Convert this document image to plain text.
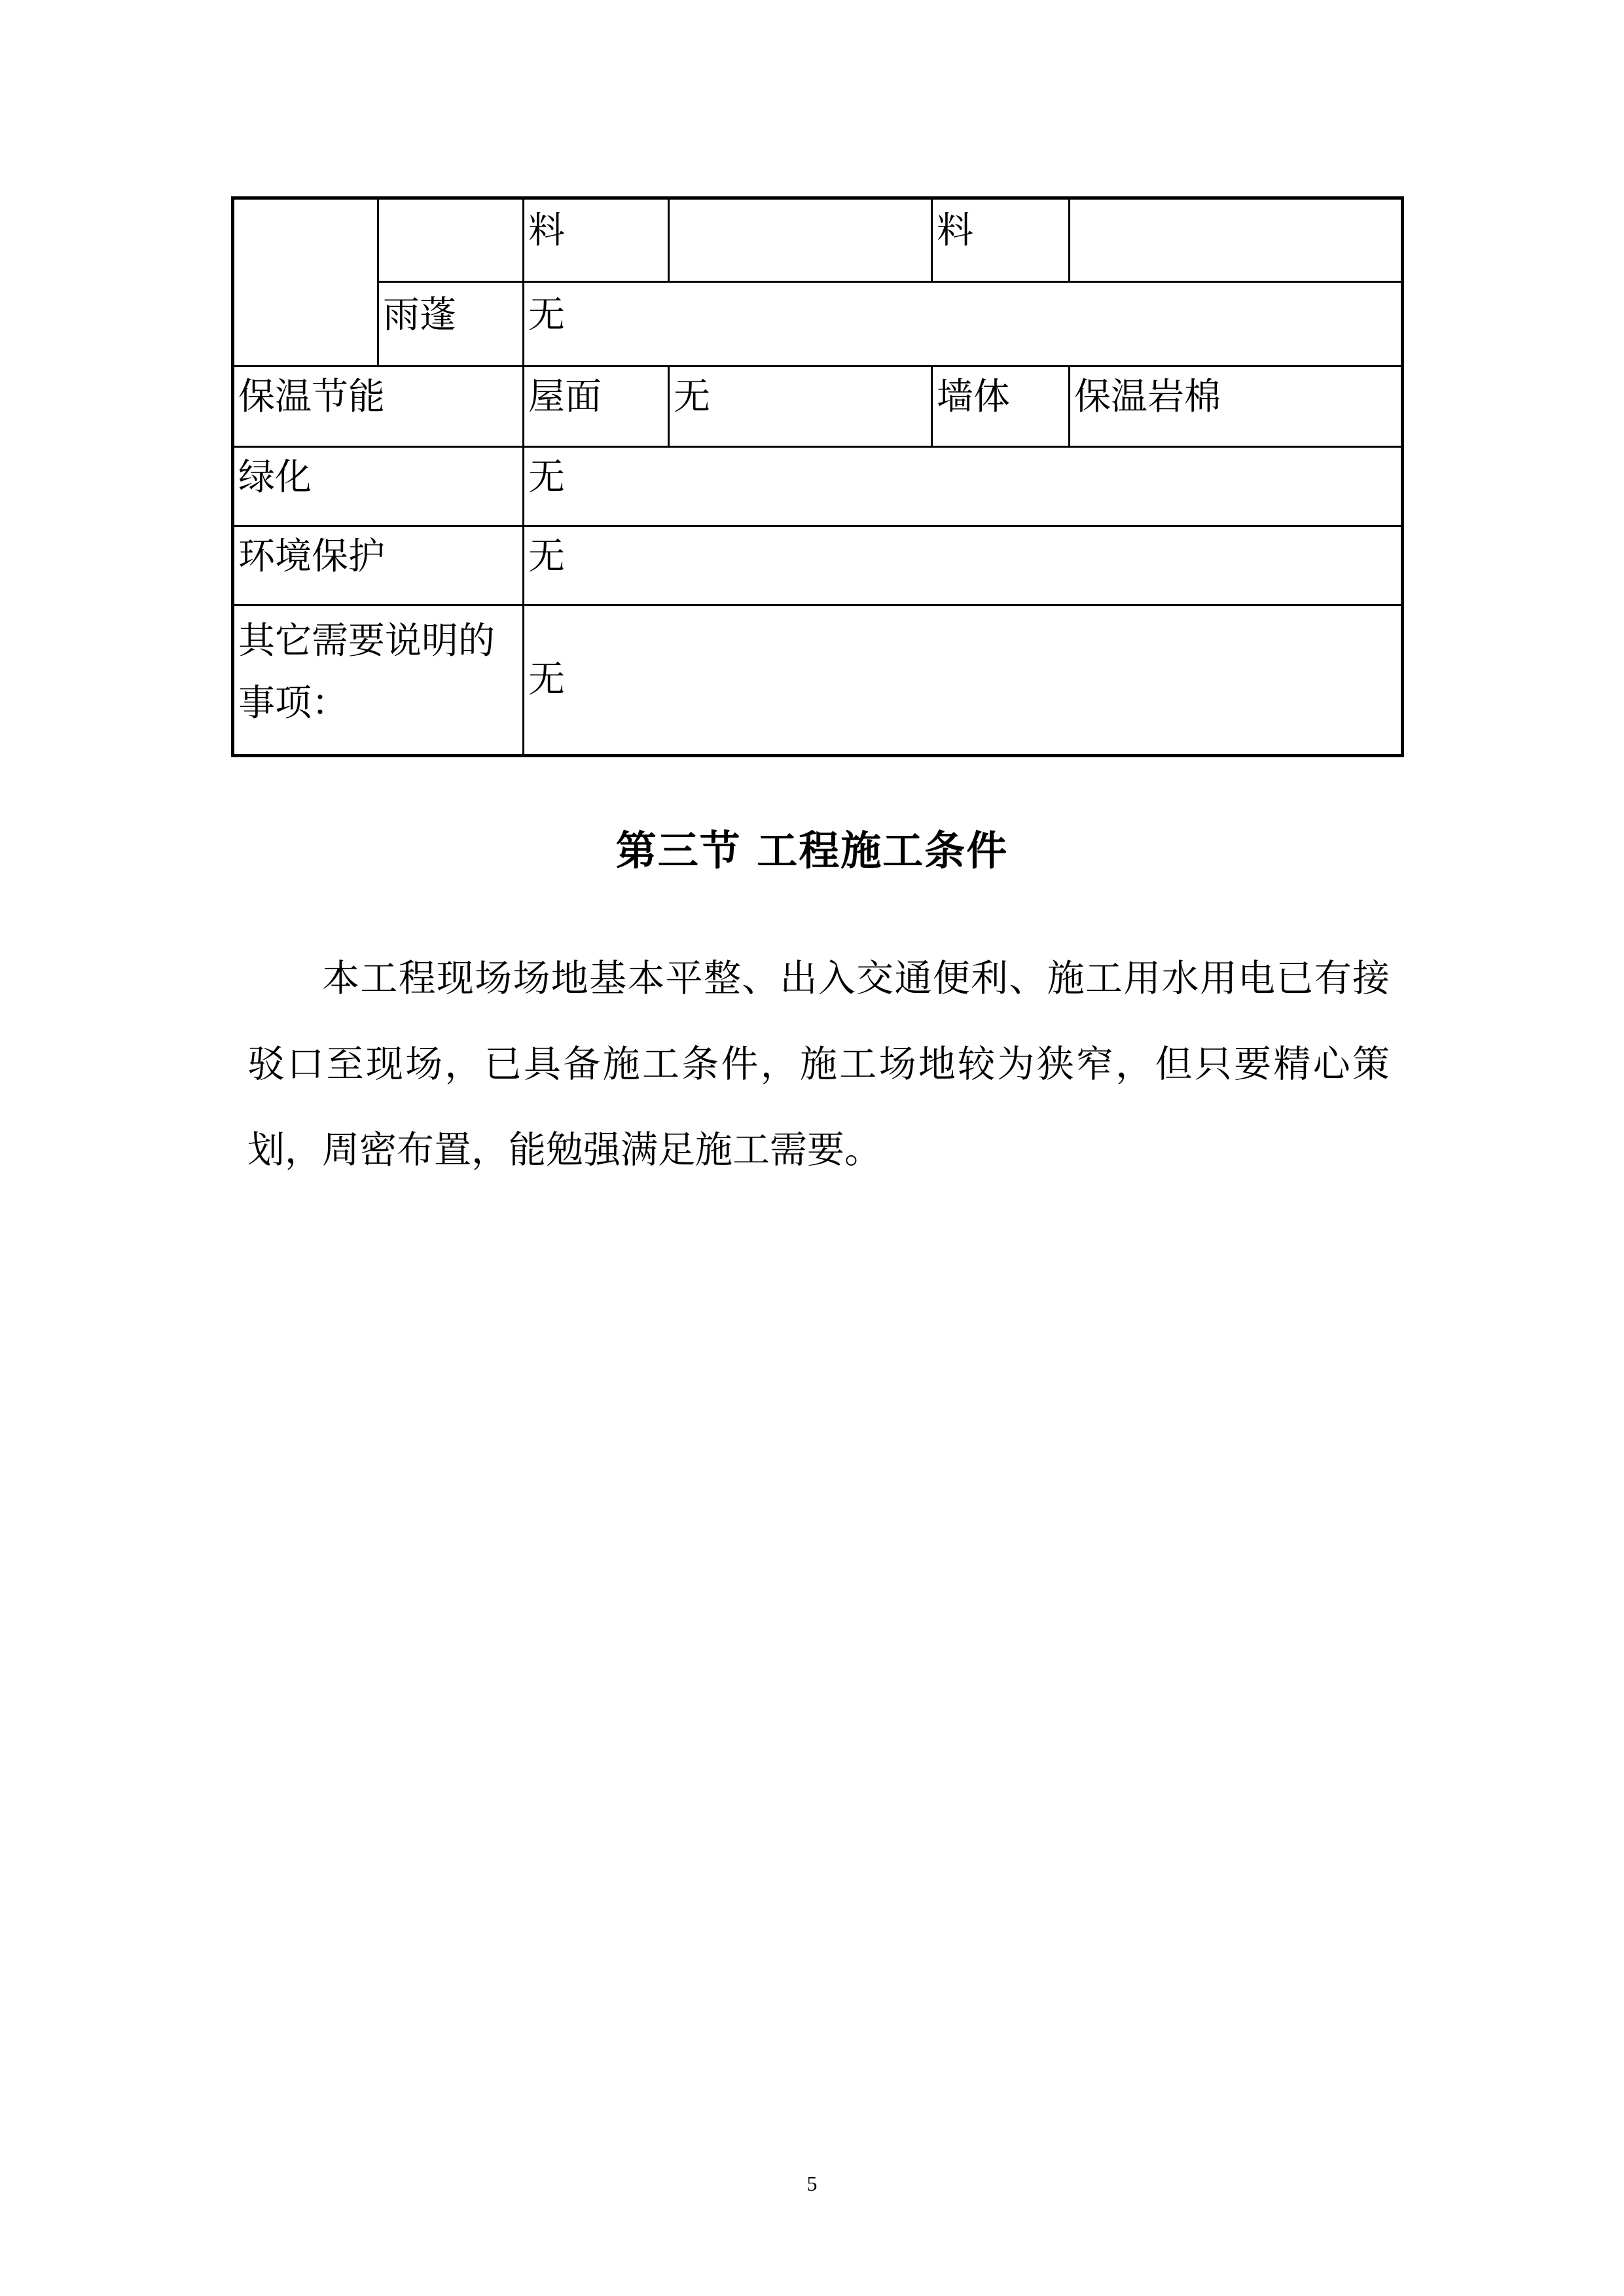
		料		料	
	雨蓬	无			
保温节能		屋面	无	墙体	保温岩棉
绿化		无			
环境保护		无			
其它需要说明的事项：		无			
第三节 工程施工条件

本工程现场场地基本平整、出入交通便利、施工用水用电已有接驳口至现场，已具备施工条件，施工场地较为狭窄，但只要精心策划，周密布置，能勉强满足施工需要。

5
